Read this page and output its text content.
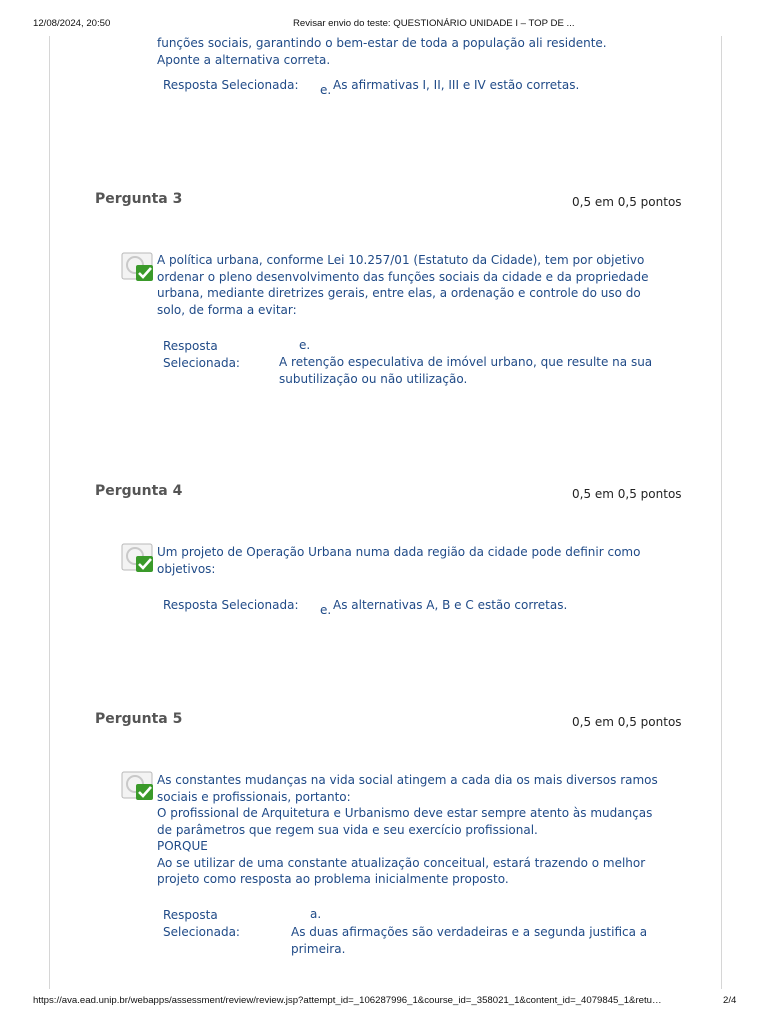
12/08/2024, 20:50	Revisar envio do teste: QUESTIONÁRIO UNIDADE I – TOP DE ...
funções sociais, garantindo o bem-estar de toda a população ali residente.
Aponte a alternativa correta.
Resposta Selecionada: e. As afirmativas I, II, III e IV estão corretas.
Pergunta 3	0,5 em 0,5 pontos
A política urbana, conforme Lei 10.257/01 (Estatuto da Cidade), tem por objetivo
ordenar o pleno desenvolvimento das funções sociais da cidade e da propriedade
urbana, mediante diretrizes gerais, entre elas, a ordenação e controle do uso do
solo, de forma a evitar:
Resposta
Selecionada:
e.
A retenção especulativa de imóvel urbano, que resulte na sua
subutilização ou não utilização.
Pergunta 4	0,5 em 0,5 pontos
Um projeto de Operação Urbana numa dada região da cidade pode definir como
objetivos:
Resposta Selecionada: e. As alternativas A, B e C estão corretas.
Pergunta 5	0,5 em 0,5 pontos
As constantes mudanças na vida social atingem a cada dia os mais diversos ramos
sociais e profissionais, portanto:
O profissional de Arquitetura e Urbanismo deve estar sempre atento às mudanças
de parâmetros que regem sua vida e seu exercício profissional.
PORQUE
Ao se utilizar de uma constante atualização conceitual, estará trazendo o melhor
projeto como resposta ao problema inicialmente proposto.
Resposta
Selecionada:
a.
As duas afirmações são verdadeiras e a segunda justifica a
primeira.
https://ava.ead.unip.br/webapps/assessment/review/review.jsp?attempt_id=_106287996_1&course_id=_358021_1&content_id=_4079845_1&retu…	2/4
